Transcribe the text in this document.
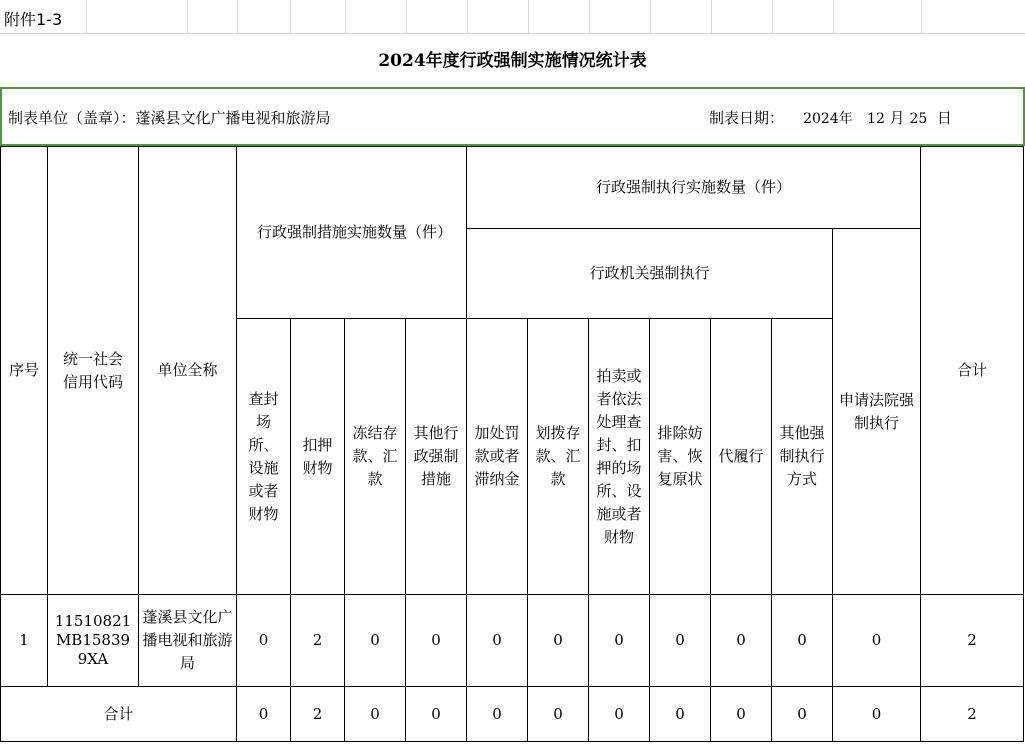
附件1-3
2024年度行政强制实施情况统计表
制表单位（盖章）：蓬溪县文化广播电视和旅游局	制表日期： 2024年 12 月 25 日
序号	统一社会信用代码	单位全称	行政强制措施实施数量（件）				行政强制执行实施数量（件）							合计
							行政机关强制执行						申请法院强制执行	
			查封场所、设施或者财物	扣押财物	冻结存款、汇款	其他行政强制措施	加处罚款或者滞纳金	划拨存款、汇款	拍卖或者依法处理查封、扣押的场所、设施或者财物	排除妨害、恢复原状	代履行	其他强制执行方式		
1	11510821MB158399XA	蓬溪县文化广播电视和旅游局	0	2	0	0	0	0	0	0	0	0	0	2
合计			0	2	0	0	0	0	0	0	0	0	0	2
